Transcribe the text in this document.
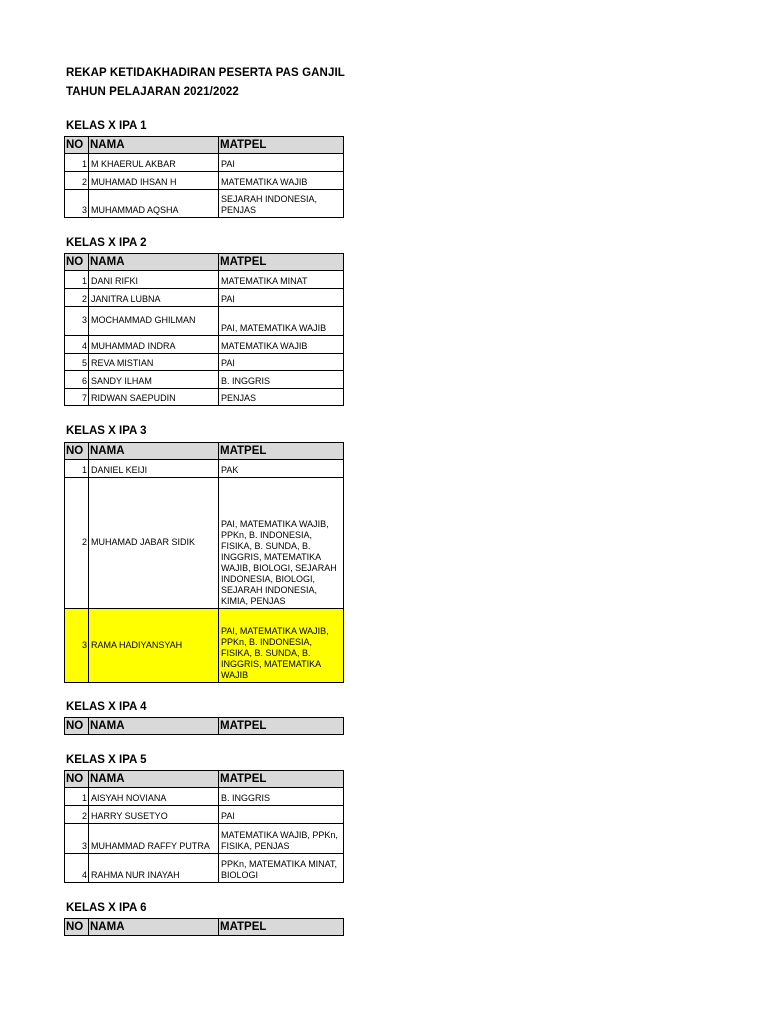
REKAP KETIDAKHADIRAN PESERTA PAS GANJIL
TAHUN PELAJARAN 2021/2022
KELAS X IPA 1
NO	NAMA	MATPEL
1	M KHAERUL AKBAR	PAI
2	MUHAMAD IHSAN H	MATEMATIKA WAJIB
3	MUHAMMAD AQSHA	SEJARAH INDONESIA, PENJAS
KELAS X IPA 2
NO	NAMA	MATPEL
1	DANI RIFKI	MATEMATIKA MINAT
2	JANITRA LUBNA	PAI
3	MOCHAMMAD GHILMAN	PAI, MATEMATIKA WAJIB
4	MUHAMMAD INDRA	MATEMATIKA WAJIB
5	REVA MISTIAN	PAI
6	SANDY ILHAM	B. INGGRIS
7	RIDWAN SAEPUDIN	PENJAS
KELAS X IPA 3
NO	NAMA	MATPEL
1	DANIEL KEIJI	PAK
2	MUHAMAD JABAR SIDIK	PAI, MATEMATIKA WAJIB, PPKn, B. INDONESIA, FISIKA, B. SUNDA, B. INGGRIS, MATEMATIKA WAJIB, BIOLOGI, SEJARAH INDONESIA, BIOLOGI, SEJARAH INDONESIA, KIMIA, PENJAS
3	RAMA HADIYANSYAH	PAI, MATEMATIKA WAJIB, PPKn, B. INDONESIA, FISIKA, B. SUNDA, B. INGGRIS, MATEMATIKA WAJIB
KELAS X IPA 4
NO	NAMA	MATPEL
KELAS X IPA 5
NO	NAMA	MATPEL
1	AISYAH NOVIANA	B. INGGRIS
2	HARRY SUSETYO	PAI
3	MUHAMMAD RAFFY PUTRA	MATEMATIKA WAJIB, PPKn, FISIKA, PENJAS
4	RAHMA NUR INAYAH	PPKn, MATEMATIKA MINAT, BIOLOGI
KELAS X IPA 6
NO	NAMA	MATPEL
